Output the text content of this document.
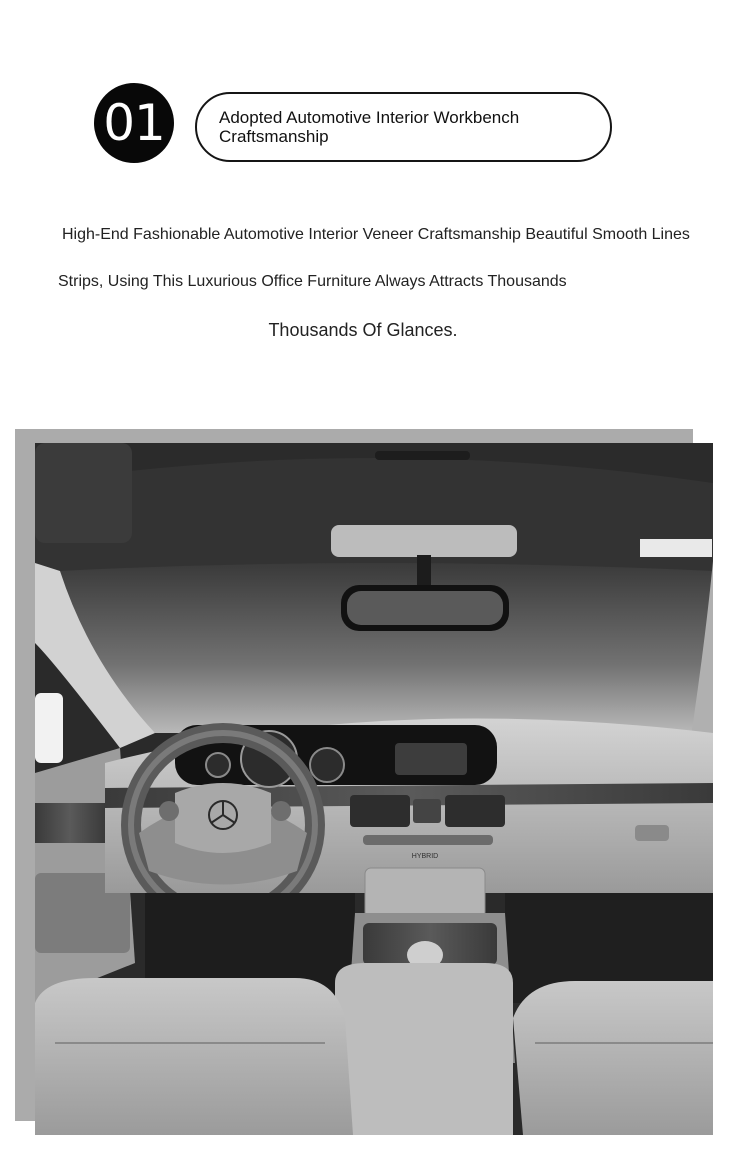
01	Adopted Automotive Interior Workbench Craftsmanship
High-End Fashionable Automotive Interior Veneer Craftsmanship Beautiful Smooth Lines
Strips, Using This Luxurious Office Furniture Always Attracts Thousands
Thousands Of Glances.
HYBRID
